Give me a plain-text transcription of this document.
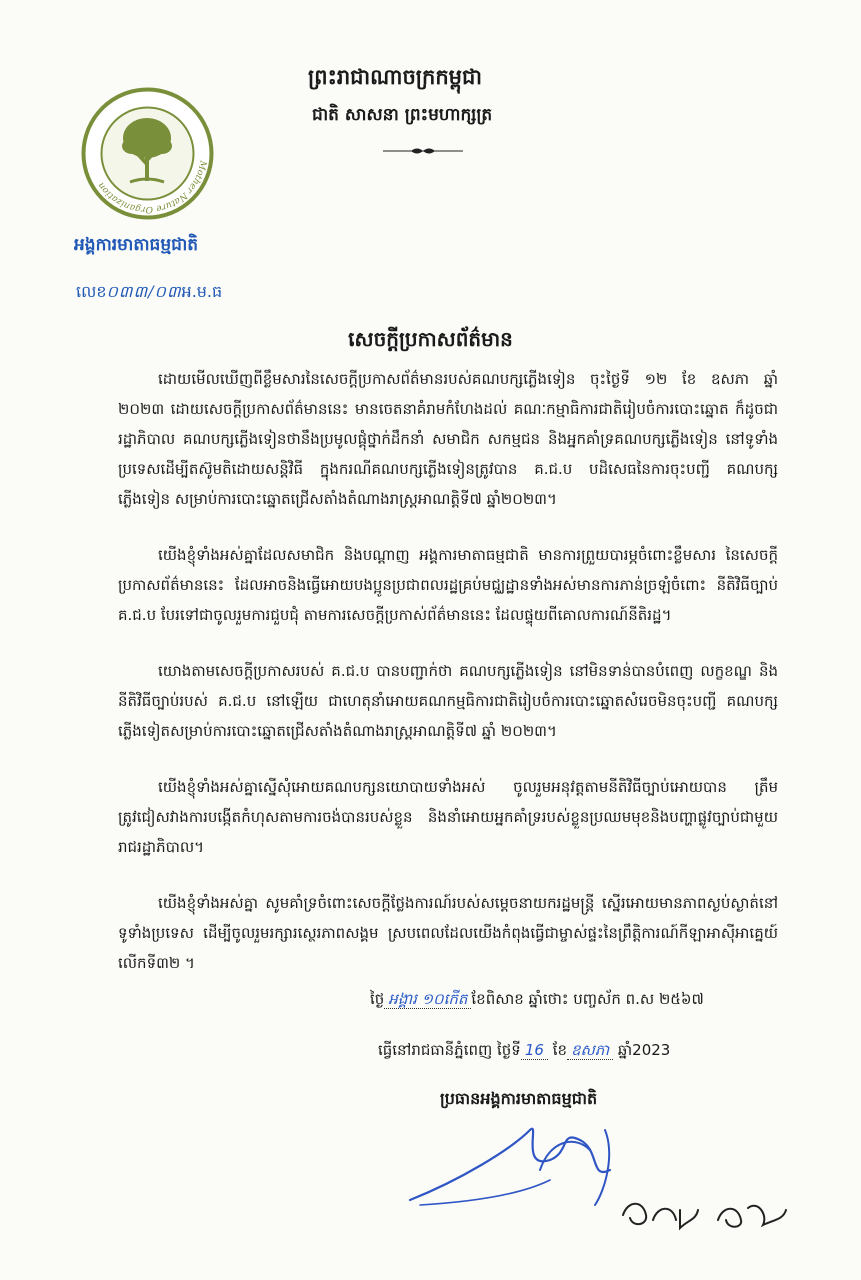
Mother Nature Organization
អង្គការមាតាធម្មជាតិ
លេខ០៣៣/០៣អ.ម.ធ
ព្រះរាជាណាចក្រកម្ពុជា
ជាតិ សាសនា ព្រះមហាក្សត្រ
សេចក្តីប្រកាសព័ត៌មាន

ដោយមើលឃើញពីខ្លឹមសារនៃសេចក្តីប្រកាសព័ត៌មានរបស់គណបក្សភ្លើងទៀន ចុះថ្ងៃទី ១២ ខែ ឧសភា ឆ្នាំ ២០២៣ ដោយសេចក្តីប្រកាសព័ត៌មាននេះ មានចេតនាគំរាមកំហែងដល់ គណៈកម្មាធិការជាតិរៀបចំការបោះឆ្នោត ក៏ដូចជារដ្ឋាភិបាល គណបក្សភ្លើងទៀនថានឹងប្រមូលផ្តុំថ្នាក់ដឹកនាំ សមាជិក សកម្មជន និងអ្នកគាំទ្រគណបក្សភ្លើងទៀន នៅទូទាំងប្រទេសដើម្បីតស៊ូមតិដោយសន្តិវិធី ក្នុងករណីគណបក្សភ្លើងទៀនត្រូវបាន គ.ជ.ប បដិសេធនៃការចុះបញ្ជី គណបក្សភ្លើងទៀន សម្រាប់ការបោះឆ្នោតជ្រើសតាំងតំណាងរាស្ត្រអាណត្តិទី៧ ឆ្នាំ២០២៣។

យើងខ្ញុំទាំងអស់គ្នាដែលសមាជិក និងបណ្តាញ អង្គការមាតាធម្មជាតិ មានការព្រួយបារម្ភចំពោះខ្លឹមសារ នៃសេចក្តីប្រកាសព័ត៌មាននេះ ដែលអាចនិងធ្វើអោយបងប្អូនប្រជាពលរដ្ឋគ្រប់មជ្ឈដ្ឋានទាំងអស់មានការភាន់ច្រឡំចំពោះ នីតិវិធីច្បាប់ គ.ជ.ប បែរទៅជាចូលរួមការជួបជុំ តាមការសេចក្តីប្រកាស់ព័ត៌មាននេះ ដែលផ្ទុយពីគោលការណ៍នីតិរដ្ឋ។

យោងតាមសេចក្តីប្រកាសរបស់ គ.ជ.ប បានបញ្ជាក់ថា គណបក្សភ្លើងទៀន នៅមិនទាន់បានបំពេញ លក្ខខណ្ឌ និងនីតិវិធីច្បាប់របស់ គ.ជ.ប នៅឡើយ ជាហេតុនាំអោយគណកម្មធិការជាតិរៀបចំការបោះឆ្នោតសំរេចមិនចុះបញ្ជី គណបក្សភ្លើងទៀតសម្រាប់ការបោះឆ្នោតជ្រើសតាំងតំណាងរាស្ត្រអាណត្តិទី៧ ឆ្នាំ ២០២៣។

យើងខ្ញុំទាំងអស់គ្នាស្នើសុំអោយគណបក្សនយោបាយទាំងអស់ ចូលរួមអនុវត្តតាមនីតិវិធីច្បាប់អោយបាន ត្រឹមត្រូវជៀសវាងការបង្កើតកំហុសតាមការចង់បានរបស់ខ្លួន និងនាំអោយអ្នកគាំទ្ររបស់ខ្លួនប្រឈមមុខនិងបញ្ហាផ្លូវច្បាប់ជាមួយរាជរដ្ឋាភិបាល។

យើងខ្ញុំទាំងអស់គ្នា សូមគាំទ្រចំពោះសេចក្តីថ្លែងការណ៍របស់សម្តេចនាយករដ្ឋមន្ត្រី ស្នើរអោយមានភាពស្ងប់ស្ងាត់នៅទូទាំងប្រទេស ដើម្បីចូលរួមរក្សារស្ថេរភាពសង្គម ស្របពេលដែលយើងកំពុងធ្វើជាម្ចាស់ផ្ទះនៃព្រឹត្តិការណ៍កីឡាអាស៊ីអាគ្នេយ៍លើកទី៣២ ។

ថ្ងៃ អង្គារ ១០កើត ខែពិសាខ ឆ្នាំថោះ បញ្ចស័ក ព.ស ២៥៦៧
ធ្វើនៅរាជធានីភ្នំពេញ ថ្ងៃទី 16 ខែ ឧសភា ឆ្នាំ2023
ប្រធានអង្គការមាតាធម្មជាតិ
